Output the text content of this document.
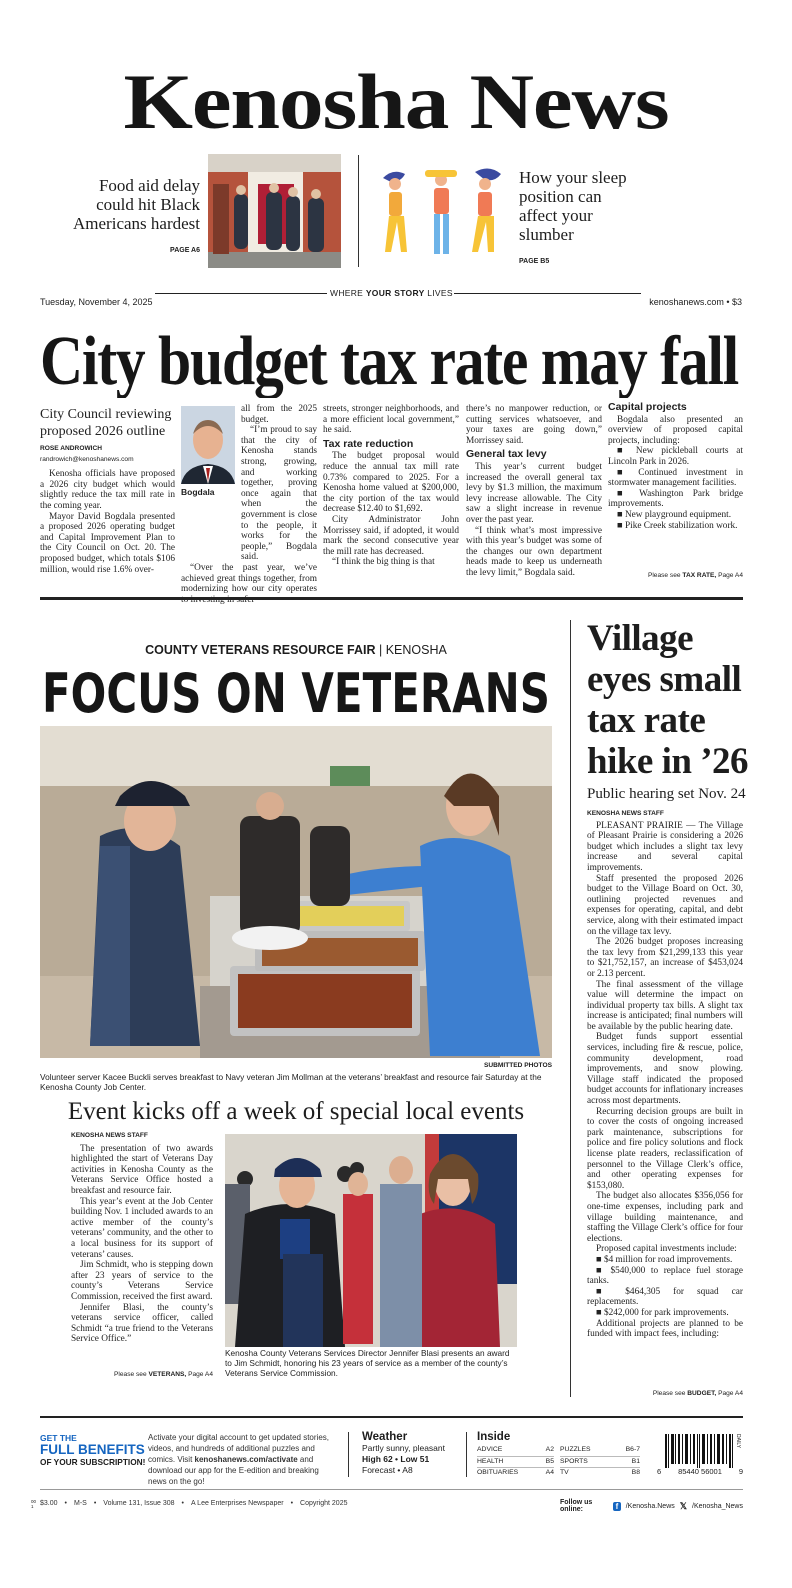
Kenosha News
Food aid delay could hit Black Americans hardest
PAGE A6
How your sleep position can affect your slumber
PAGE B5
Tuesday, November 4, 2025
WHERE YOUR STORY LIVES
kenoshanews.com • $3
City budget tax rate may fall
City Council reviewing proposed 2026 outline
ROSE ANDROWICH
randrowich@kenoshanews.com

Kenosha officials have proposed a 2026 city budget which would slightly reduce the tax mill rate in the coming year.

Mayor David Bogdala presented a proposed 2026 operating budget and Capital Improvement Plan to the City Council on Oct. 20. The proposed budget, which totals $106 million, would rise 1.6% over-

Bogdala

all from the 2025 budget.

“I’m proud to say that the city of Kenosha stands strong, growing, and working together, proving once again that when the government is close to the people, it works for the people,” Bogdala said.

“Over the past year, we’ve achieved great things together, from modernizing how our city operates to investing in safer

streets, stronger neighborhoods, and a more efficient local government,” he said.

Tax rate reduction

The budget proposal would reduce the annual tax mill rate 0.73% compared to 2025. For a Kenosha home valued at $200,000, the city portion of the tax would decrease $12.40 to $1,692.

City Administrator John Morrissey said, if adopted, it would mark the second consecutive year the mill rate has decreased.

“I think the big thing is that

there’s no manpower reduction, or cutting services whatsoever, and your taxes are going down,” Morrissey said.

General tax levy

This year’s current budget increased the overall general tax levy by $1.3 million, the maximum levy increase allowable. The City saw a slight increase in revenue over the past year.

“I think what’s most impressive with this year’s budget was some of the changes our own department heads made to keep us underneath the levy limit,” Bogdala said.

Capital projects

Bogdala also presented an overview of proposed capital projects, including:

■ New pickleball courts at Lincoln Park in 2026.

■ Continued investment in stormwater management facilities.

■ Washington Park bridge improvements.

■ New playground equipment.

■ Pike Creek stabilization work.

Please see TAX RATE, Page A4
COUNTY VETERANS RESOURCE FAIR | KENOSHA
FOCUS ON VETERANS
SUBMITTED PHOTOS
Volunteer server Kacee Buckli serves breakfast to Navy veteran Jim Mollman at the veterans’ breakfast and resource fair Saturday at the Kenosha County Job Center.
Event kicks off a week of special local events
KENOSHA NEWS STAFF

The presentation of two awards highlighted the start of Veterans Day activities in Kenosha County as the Veterans Service Office hosted a breakfast and resource fair.

This year’s event at the Job Center building Nov. 1 included awards to an active member of the county’s veterans’ community, and the other to a local business for its support of veterans’ causes.

Jim Schmidt, who is stepping down after 23 years of service to the county’s Veterans Service Commission, received the first award.

Jennifer Blasi, the county’s veterans service officer, called Schmidt “a true friend to the Veterans Service Office.”

Please see VETERANS, Page A4
Kenosha County Veterans Services Director Jennifer Blasi presents an award to Jim Schmidt, honoring his 23 years of service as a member of the county’s Veterans Service Commission.
Village eyes small tax rate hike in ’26
Public hearing set Nov. 24
KENOSHA NEWS STAFF

PLEASANT PRAIRIE — The Village of Pleasant Prairie is considering a 2026 budget which includes a slight tax levy increase and several capital improvements.

Staff presented the proposed 2026 budget to the Village Board on Oct. 30, outlining projected revenues and expenses for operating, capital, and debt service, along with their estimated impact on the village tax levy.

The 2026 budget proposes increasing the tax levy from $21,299,133 this year to $21,752,157, an increase of $453,024 or 2.13 percent.

The final assessment of the village value will determine the impact on individual property tax bills. A slight tax increase is anticipated; final numbers will be available by the public hearing date.

Budget funds support essential services, including fire & rescue, police, community development, road improvements, and snow plowing. Village staff indicated the proposed budget accounts for inflationary increases across most departments.

Recurring decision groups are built in to cover the costs of ongoing increased park maintenance, subscriptions for police and fire policy solutions and flock license plate readers, reclassification of personnel to the Village Clerk’s office, and other operating expenses for $153,080.

The budget also allocates $356,056 for one-time expenses, including park and village building maintenance, and staffing the Village Clerk’s office for four elections.

Proposed capital investments include:

■ $4 million for road improvements.

■ $540,000 to replace fuel storage tanks.

■ $464,305 for squad car replacements.

■ $242,000 for park improvements.

Additional projects are planned to be funded with impact fees, including:

Please see BUDGET, Page A4
GET THE
FULL BENEFITS
OF YOUR SUBSCRIPTION!
Activate your digital account to get updated stories, videos, and hundreds of additional puzzles and comics. Visit kenoshanews.com/activate and download our app for the E-edition and breaking news on the go!
Weather
Partly sunny, pleasant
High 62 • Low 51
Forecast • A8
Inside
ADVICE	A2 PUZZLES	B6-7
HEALTH	B5 SPORTS	B1
OBITUARIES	A4 TV	B8
DAILY
6 85440 56001 9
00 1 $3.00 • M-S • Volume 131, Issue 308 • A Lee Enterprises Newspaper • Copyright 2025	Follow us online:	f	/Kenosha.News 𝕏 /Kenosha_News
